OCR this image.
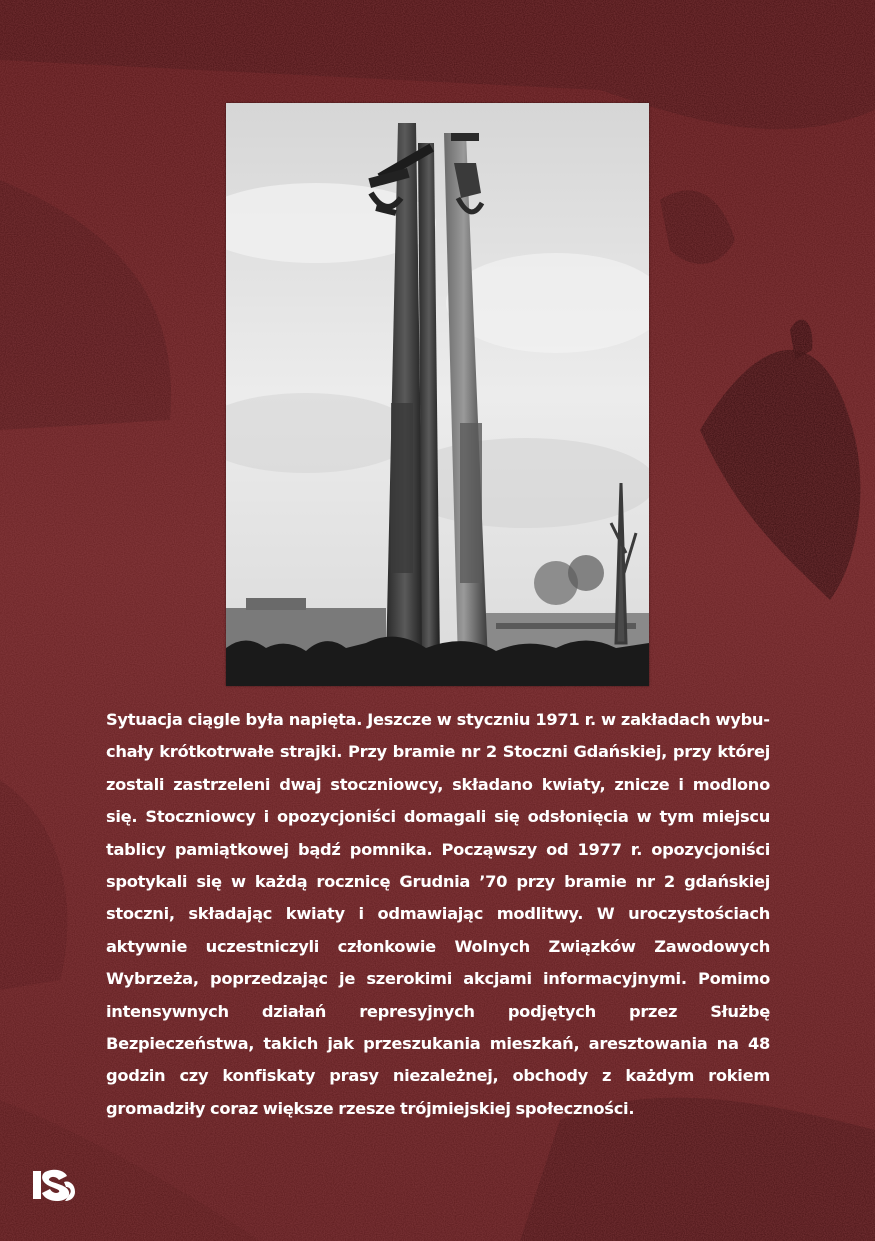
Sytuacja ciągle była napięta. Jeszcze w styczniu 1971 r. w zakładach wybuchały krótkotrwałe strajki. Przy bramie nr 2 Stoczni Gdańskiej, przy której zostali zastrzeleni dwaj stoczniowcy, składano kwiaty, znicze i modlono się. Stoczniowcy i opozycjoniści domagali się odsłonięcia w tym miejscu tablicy pamiątkowej bądź pomnika. Począwszy od 1977 r. opozycjoniści spotykali się w każdą rocznicę Grudnia ’70 przy bramie nr 2 gdańskiej stoczni, składając kwiaty i odmawiając modlitwy. W uroczystościach aktywnie uczestniczyli członkowie Wolnych Związków Zawodowych Wybrzeża, poprzedzając je szerokimi akcjami informacyjnymi. Pomimo intensywnych działań represyjnych podjętych przez Służbę Bezpieczeństwa, takich jak przeszukania mieszkań, aresztowania na 48 godzin czy konfiskaty prasy niezależnej, obchody z każdym rokiem gromadziły coraz większe rzesze trójmiejskiej społeczności.
